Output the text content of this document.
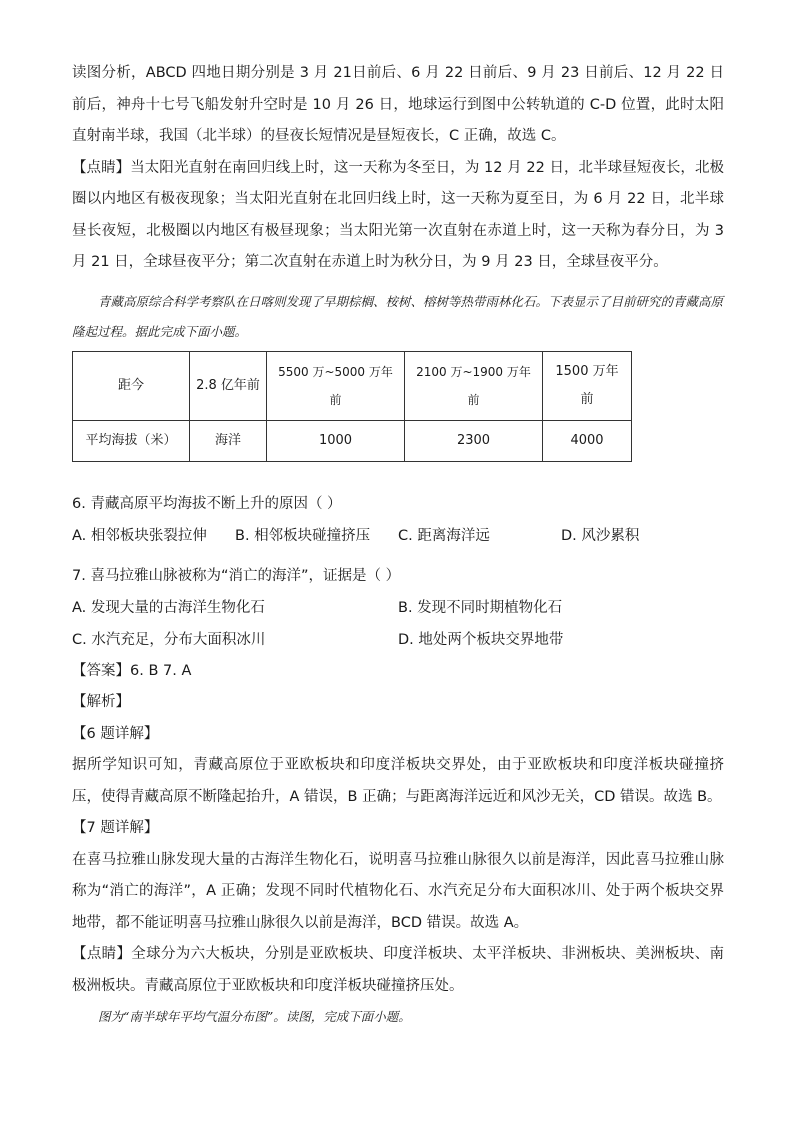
读图分析，ABCD 四地日期分别是 3 月 21日前后、6 月 22 日前后、9 月 23 日前后、12 月 22 日前后，神舟十七号飞船发射升空时是 10 月 26 日，地球运行到图中公转轨道的 C-D 位置，此时太阳直射南半球，我国（北半球）的昼夜长短情况是昼短夜长，C 正确，故选 C。

【点睛】当太阳光直射在南回归线上时，这一天称为冬至日，为 12 月 22 日，北半球昼短夜长，北极圈以内地区有极夜现象；当太阳光直射在北回归线上时，这一天称为夏至日，为 6 月 22 日，北半球昼长夜短，北极圈以内地区有极昼现象；当太阳光第一次直射在赤道上时，这一天称为春分日，为 3 月 21 日，全球昼夜平分；第二次直射在赤道上时为秋分日，为 9 月 23 日，全球昼夜平分。

青藏高原综合科学考察队在日喀则发现了早期棕榈、桉树、榕树等热带雨林化石。下表显示了目前研究的青藏高原隆起过程。据此完成下面小题。

距今	2.8 亿年前	5500 万~5000 万年前	2100 万~1900 万年前	1500 万年前
平均海拔（米）	海洋	1000	2300	4000

6. 青藏高原平均海拔不断上升的原因（ ）

A. 相邻板块张裂拉伸	B. 相邻板块碰撞挤压	C. 距离海洋远	D. 风沙累积

7. 喜马拉雅山脉被称为“消亡的海洋”，证据是（ ）

A. 发现大量的古海洋生物化石	B. 发现不同时期植物化石
C. 水汽充足，分布大面积冰川	D. 地处两个板块交界地带

【答案】6. B 7. A

【解析】

【6 题详解】

据所学知识可知，青藏高原位于亚欧板块和印度洋板块交界处，由于亚欧板块和印度洋板块碰撞挤压，使得青藏高原不断隆起抬升，A 错误，B 正确；与距离海洋远近和风沙无关，CD 错误。故选 B。

【7 题详解】

在喜马拉雅山脉发现大量的古海洋生物化石，说明喜马拉雅山脉很久以前是海洋，因此喜马拉雅山脉称为“消亡的海洋”，A 正确；发现不同时代植物化石、水汽充足分布大面积冰川、处于两个板块交界地带，都不能证明喜马拉雅山脉很久以前是海洋，BCD 错误。故选 A。

【点睛】全球分为六大板块，分别是亚欧板块、印度洋板块、太平洋板块、非洲板块、美洲板块、南极洲板块。青藏高原位于亚欧板块和印度洋板块碰撞挤压处。

图为“南半球年平均气温分布图”。读图，完成下面小题。
